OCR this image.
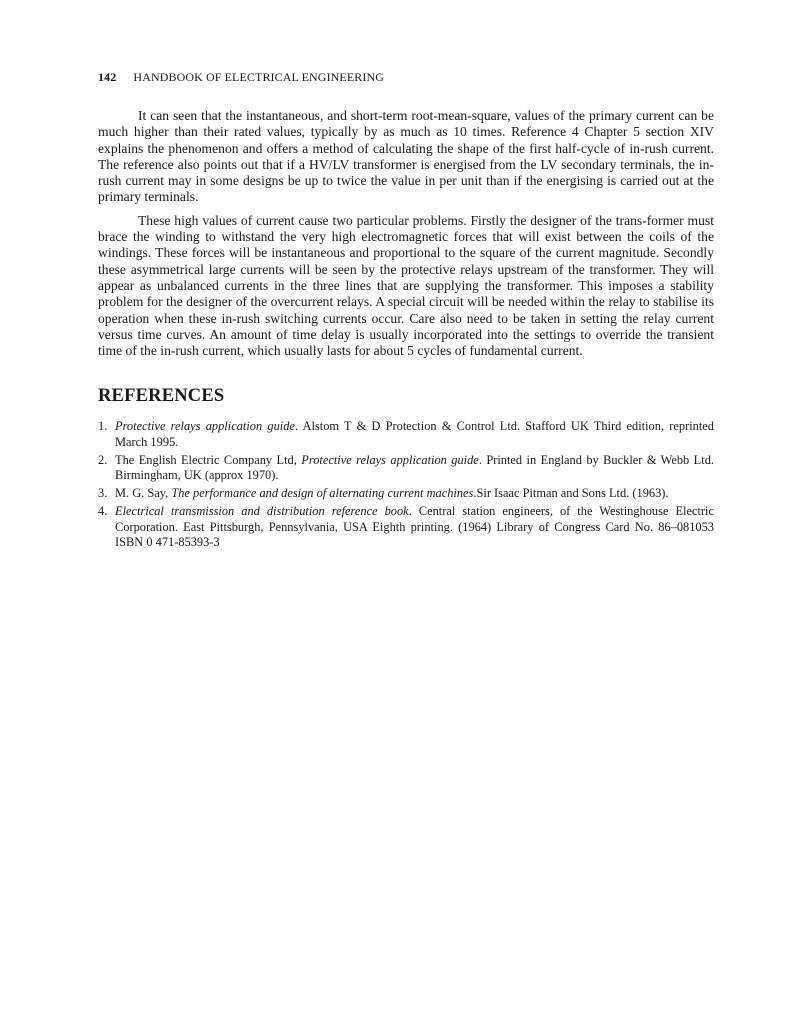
142 HANDBOOK OF ELECTRICAL ENGINEERING

It can seen that the instantaneous, and short-term root-mean-square, values of the primary current can be much higher than their rated values, typically by as much as 10 times. Reference 4 Chapter 5 section XIV explains the phenomenon and offers a method of calculating the shape of the first half-cycle of in-rush current. The reference also points out that if a HV/LV transformer is energised from the LV secondary terminals, the in-rush current may in some designs be up to twice the value in per unit than if the energising is carried out at the primary terminals.

These high values of current cause two particular problems. Firstly the designer of the trans-former must brace the winding to withstand the very high electromagnetic forces that will exist between the coils of the windings. These forces will be instantaneous and proportional to the square of the current magnitude. Secondly these asymmetrical large currents will be seen by the protective relays upstream of the transformer. They will appear as unbalanced currents in the three lines that are supplying the transformer. This imposes a stability problem for the designer of the overcurrent relays. A special circuit will be needed within the relay to stabilise its operation when these in-rush switching currents occur. Care also need to be taken in setting the relay current versus time curves. An amount of time delay is usually incorporated into the settings to override the transient time of the in-rush current, which usually lasts for about 5 cycles of fundamental current.

REFERENCES
1. Protective relays application guide. Alstom T & D Protection & Control Ltd. Stafford UK Third edition, reprinted March 1995.
2. The English Electric Company Ltd, Protective relays application guide. Printed in England by Buckler & Webb Ltd. Birmingham, UK (approx 1970).
3. M. G. Say, The performance and design of alternating current machines.Sir Isaac Pitman and Sons Ltd. (1963).
4. Electrical transmission and distribution reference book. Central station engineers, of the Westinghouse Electric Corporation. East Pittsburgh, Pennsylvania, USA Eighth printing. (1964) Library of Congress Card No. 86–081053 ISBN 0 471-85393-3
